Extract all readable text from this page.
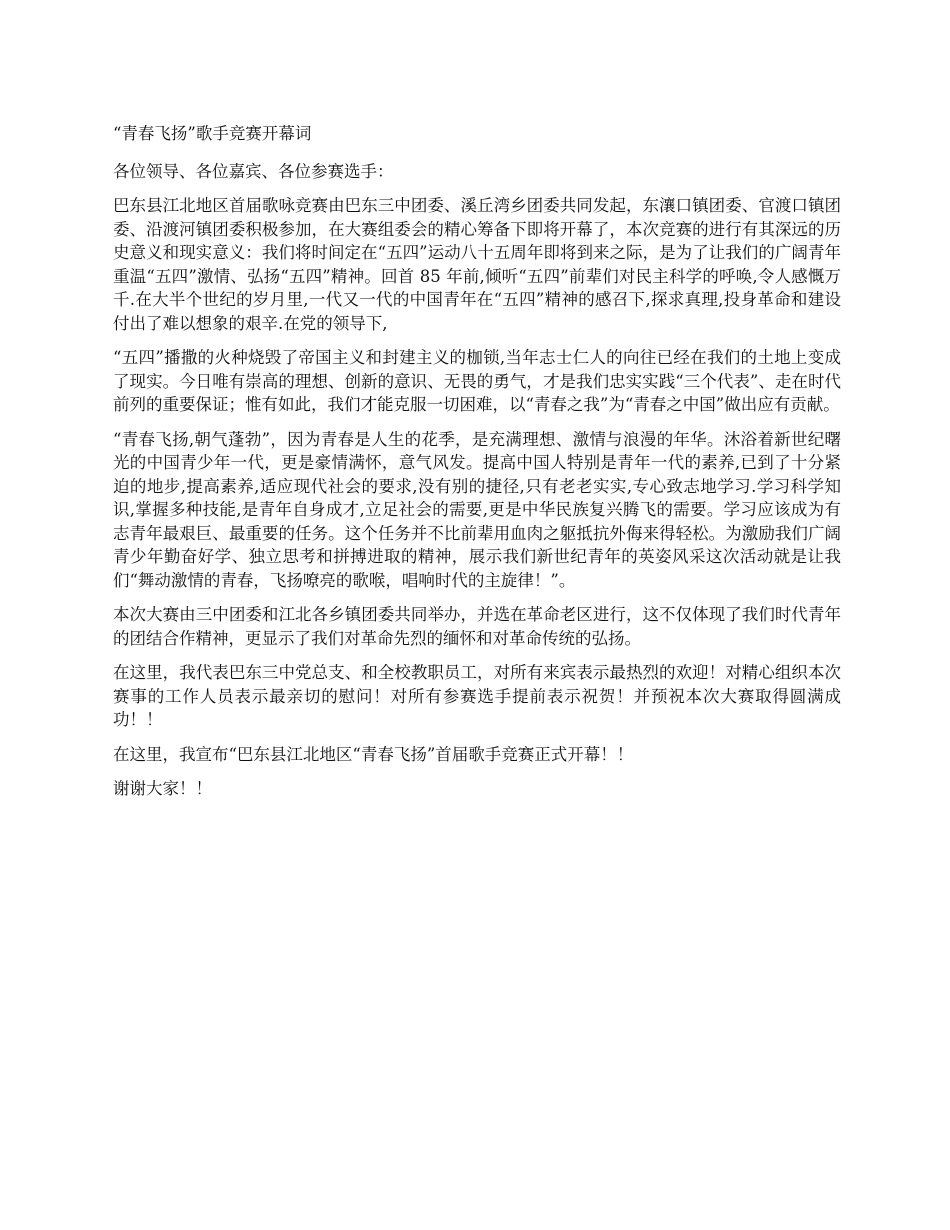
“青春飞扬”歌手竞赛开幕词

各位领导、各位嘉宾、各位参赛选手：

巴东县江北地区首届歌咏竞赛由巴东三中团委、溪丘湾乡团委共同发起，东瀼口镇团委、官渡口镇团委、沿渡河镇团委积极参加，在大赛组委会的精心筹备下即将开幕了，本次竞赛的进行有其深远的历史意义和现实意义：我们将时间定在“五四”运动八十五周年即将到来之际，是为了让我们的广阔青年重温“五四”激情、弘扬“五四”精神。回首 85 年前,倾听“五四”前辈们对民主科学的呼唤,令人感慨万千.在大半个世纪的岁月里,一代又一代的中国青年在“五四”精神的感召下,探求真理,投身革命和建设付出了难以想象的艰辛.在党的领导下,

“五四”播撒的火种烧毁了帝国主义和封建主义的枷锁,当年志士仁人的向往已经在我们的土地上变成了现实。今日唯有崇高的理想、创新的意识、无畏的勇气，才是我们忠实实践“三个代表”、走在时代前列的重要保证；惟有如此，我们才能克服一切困难，以“青春之我”为“青春之中国”做出应有贡献。

“青春飞扬,朝气蓬勃”，因为青春是人生的花季，是充满理想、激情与浪漫的年华。沐浴着新世纪曙光的中国青少年一代，更是豪情满怀，意气风发。提高中国人特别是青年一代的素养,已到了十分紧迫的地步,提高素养,适应现代社会的要求,没有别的捷径,只有老老实实,专心致志地学习.学习科学知识,掌握多种技能,是青年自身成才,立足社会的需要,更是中华民族复兴腾飞的需要。学习应该成为有志青年最艰巨、最重要的任务。这个任务并不比前辈用血肉之躯抵抗外侮来得轻松。为激励我们广阔青少年勤奋好学、独立思考和拼搏进取的精神，展示我们新世纪青年的英姿风采这次活动就是让我们“舞动激情的青春，飞扬嘹亮的歌喉，唱响时代的主旋律！”。

本次大赛由三中团委和江北各乡镇团委共同举办，并选在革命老区进行，这不仅体现了我们时代青年的团结合作精神，更显示了我们对革命先烈的缅怀和对革命传统的弘扬。

在这里，我代表巴东三中党总支、和全校教职员工，对所有来宾表示最热烈的欢迎！对精心组织本次赛事的工作人员表示最亲切的慰问！对所有参赛选手提前表示祝贺！并预祝本次大赛取得圆满成功！！

在这里，我宣布“巴东县江北地区“青春飞扬”首届歌手竞赛正式开幕！！

谢谢大家！！
